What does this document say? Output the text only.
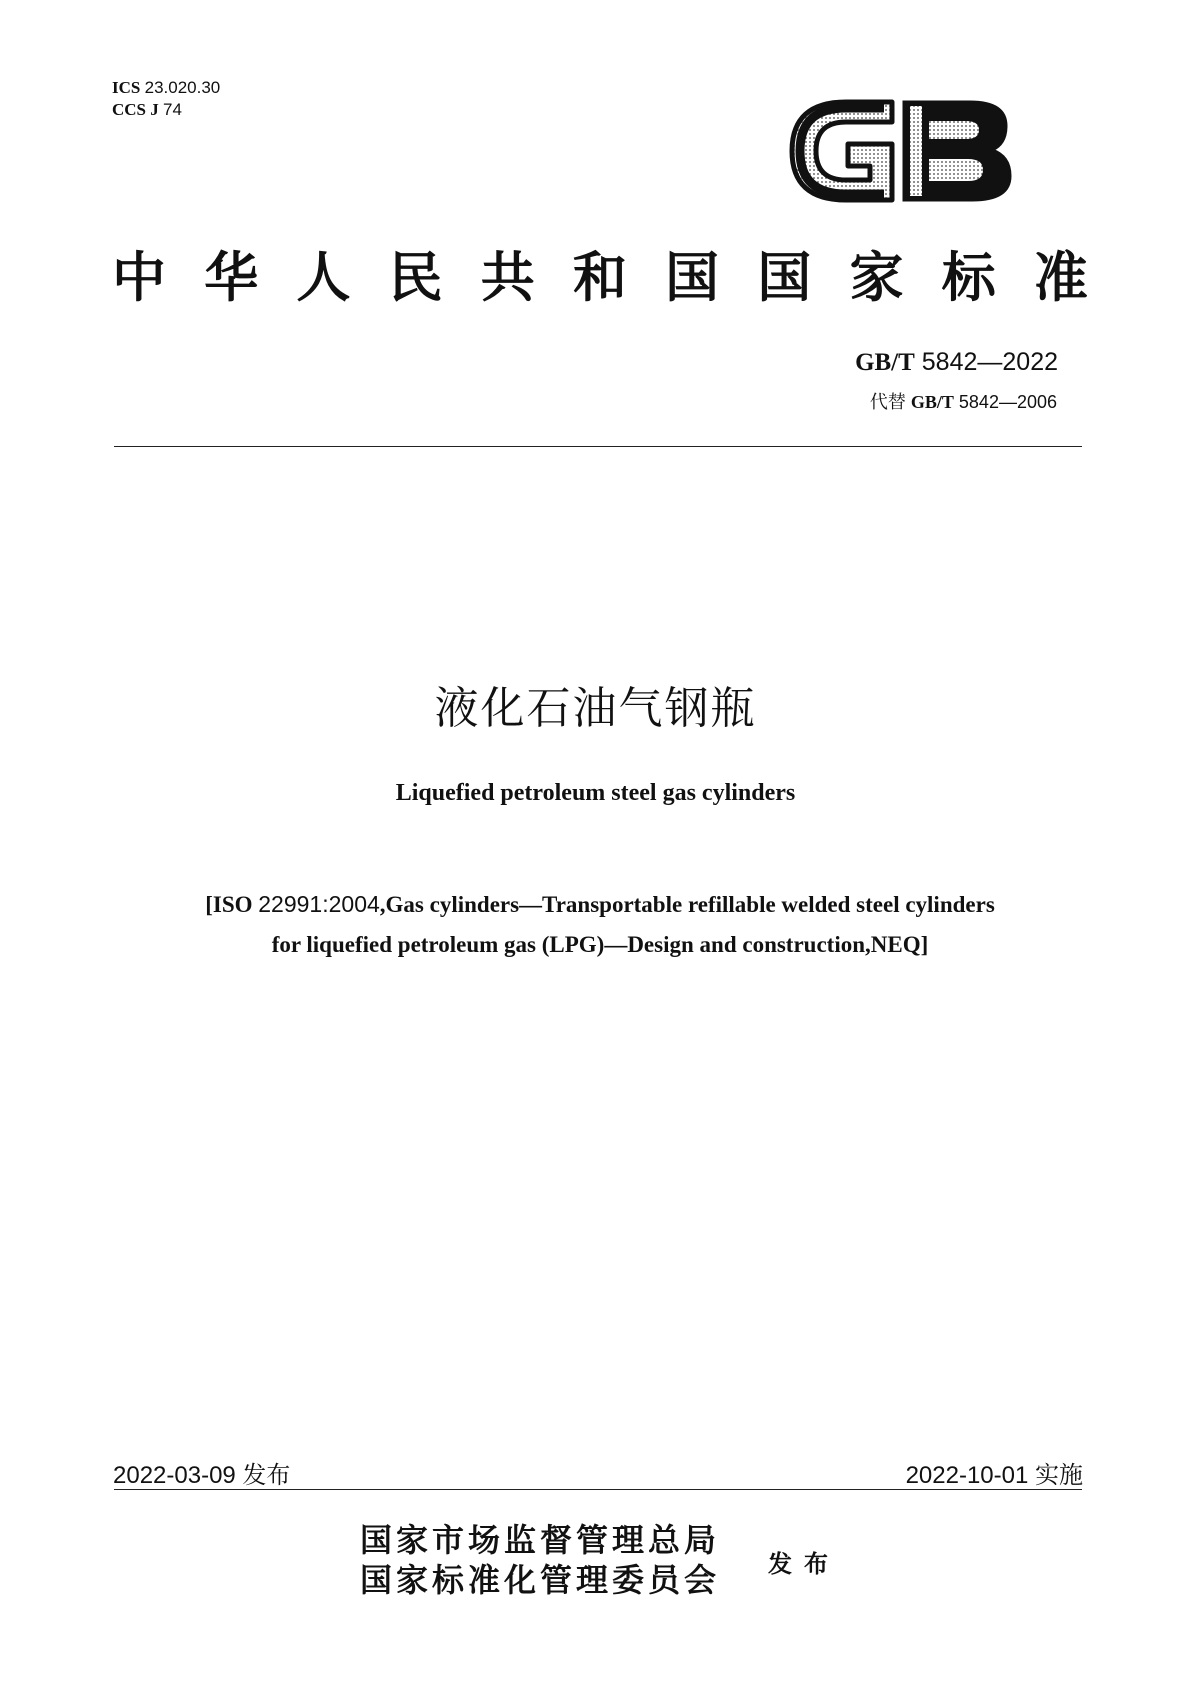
ICS 23.020.30
CCS J 74
中 华 人 民 共 和 国 国 家 标 准
GB/T 5842—2022
代替 GB/T 5842—2006
液化石油气钢瓶
Liquefied petroleum steel gas cylinders
[ISO 22991:2004,Gas cylinders—Transportable refillable welded steel cylinders
for liquefied petroleum gas (LPG)—Design and construction,NEQ]
2022-03-09 发布	2022-10-01 实施
国家市场监督管理总局
国家标准化管理委员会 发布
